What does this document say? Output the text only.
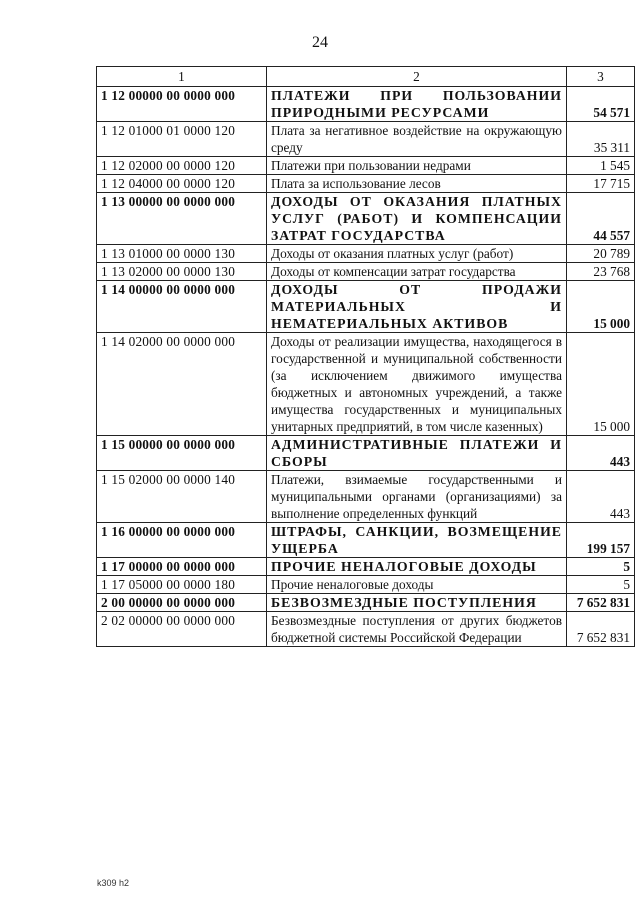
24
1	2	3
1 12 00000 00 0000 000	ПЛАТЕЖИ ПРИ ПОЛЬЗОВАНИИ ПРИРОДНЫМИ РЕСУРСАМИ	54 571
1 12 01000 01 0000 120	Плата за негативное воздействие на окружающую среду	35 311
1 12 02000 00 0000 120	Платежи при пользовании недрами	1 545
1 12 04000 00 0000 120	Плата за использование лесов	17 715
1 13 00000 00 0000 000	ДОХОДЫ ОТ ОКАЗАНИЯ ПЛАТНЫХ УСЛУГ (РАБОТ) И КОМПЕНСАЦИИ ЗАТРАТ ГОСУДАРСТВА	44 557
1 13 01000 00 0000 130	Доходы от оказания платных услуг (работ)	20 789
1 13 02000 00 0000 130	Доходы от компенсации затрат государства	23 768
1 14 00000 00 0000 000	ДОХОДЫ ОТ ПРОДАЖИ МАТЕРИАЛЬНЫХ И НЕМАТЕРИАЛЬНЫХ АКТИВОВ	15 000
1 14 02000 00 0000 000	Доходы от реализации имущества, находящегося в государственной и муниципальной собственности (за исключением движимого имущества бюджетных и автономных учреждений, а также имущества государственных и муниципальных унитарных предприятий, в том числе казенных)	15 000
1 15 00000 00 0000 000	АДМИНИСТРАТИВНЫЕ ПЛАТЕЖИ И СБОРЫ	443
1 15 02000 00 0000 140	Платежи, взимаемые государственными и муниципальными органами (организациями) за выполнение определенных функций	443
1 16 00000 00 0000 000	ШТРАФЫ, САНКЦИИ, ВОЗМЕЩЕНИЕ УЩЕРБА	199 157
1 17 00000 00 0000 000	ПРОЧИЕ НЕНАЛОГОВЫЕ ДОХОДЫ	5
1 17 05000 00 0000 180	Прочие неналоговые доходы	5
2 00 00000 00 0000 000	БЕЗВОЗМЕЗДНЫЕ ПОСТУПЛЕНИЯ	7 652 831
2 02 00000 00 0000 000	Безвозмездные поступления от других бюджетов бюджетной системы Российской Федерации	7 652 831
k309 h2
